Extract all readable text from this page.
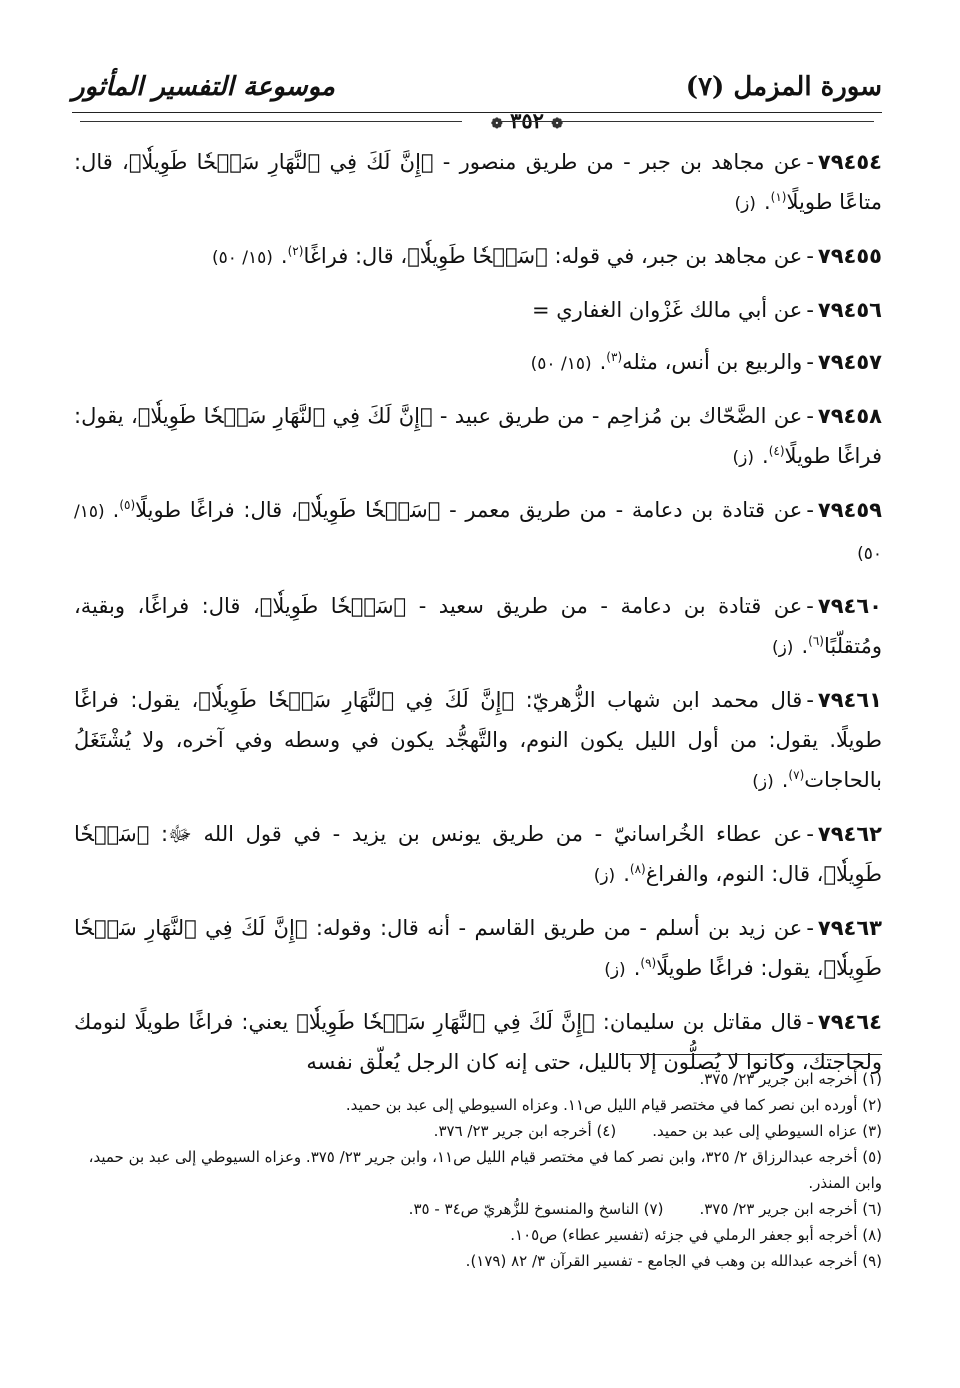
سورة المزمل (٧)
موسوعة التفسير المأثور
❁ ٣٥٢ ❁
٧٩٤٥٤-عن مجاهد بن جبر - من طريق منصور - ﴿إِنَّ لَكَ فِي ٱلنَّهَارِ سَبۡحٗا طَوِيلٗا﴾، قال: متاعًا طويلًا$^{(١)}$.(ز)
٧٩٤٥٥-عن مجاهد بن جبر، في قوله: ﴿سَبۡحٗا طَوِيلٗا﴾، قال: فراغًا$^{(٢)}$.(١٥/ ٥٠)
٧٩٤٥٦-عن أبي مالك غَزْوان الغفاري =
٧٩٤٥٧-والربيع بن أنس، مثله$^{(٣)}$.(١٥/ ٥٠)
٧٩٤٥٨-عن الضَّحّاك بن مُزاحِم - من طريق عبيد - ﴿إِنَّ لَكَ فِي ٱلنَّهَارِ سَبۡحٗا طَوِيلٗا﴾، يقول: فراغًا طويلًا$^{(٤)}$.(ز)
٧٩٤٥٩-عن قتادة بن دعامة - من طريق معمر - ﴿سَبۡحٗا طَوِيلٗا﴾، قال: فراغًا طويلًا$^{(٥)}$.(١٥/ ٥٠)
٧٩٤٦٠-عن قتادة بن دعامة - من طريق سعيد - ﴿سَبۡحٗا طَوِيلٗا﴾، قال: فراغًا، وبقية، ومُتقلّبًا$^{(٦)}$.(ز)
٧٩٤٦١-قال محمد ابن شهاب الزُّهريّ: ﴿إِنَّ لَكَ فِي ٱلنَّهَارِ سَبۡحٗا طَوِيلٗا﴾، يقول: فراغًا طويلًا. يقول: من أول الليل يكون النوم، والتَّهجُّد يكون في وسطه وفي آخره، ولا يُشْتَغَلُ بالحاجات$^{(٧)}$.(ز)
٧٩٤٦٢-عن عطاء الخُراسانيّ - من طريق يونس بن يزيد - في قول الله ﷻ: ﴿سَبۡحٗا طَوِيلٗا﴾، قال: النوم، والفراغ$^{(٨)}$.(ز)
٧٩٤٦٣-عن زيد بن أسلم - من طريق القاسم - أنه قال: وقوله: ﴿إِنَّ لَكَ فِي ٱلنَّهَارِ سَبۡحٗا طَوِيلٗا﴾، يقول: فراغًا طويلًا$^{(٩)}$.(ز)
٧٩٤٦٤-قال مقاتل بن سليمان: ﴿إِنَّ لَكَ فِي ٱلنَّهَارِ سَبۡحٗا طَوِيلٗا﴾ يعني: فراغًا طويلًا لنومك ولحاجتك، وكانوا لا يُصلُّون إلا بالليل، حتى إنه كان الرجل يُعلّق نفسه

(١) أخرجه ابن جرير ٢٣/ ٣٧٥.

(٢) أورده ابن نصر كما في مختصر قيام الليل ص١١. وعزاه السيوطي إلى عبد بن حميد.

(٣) عزاه السيوطي إلى عبد بن حميد.

(٤) أخرجه ابن جرير ٢٣/ ٣٧٦.

(٥) أخرجه عبدالرزاق ٢/ ٣٢٥، وابن نصر كما في مختصر قيام الليل ص١١، وابن جرير ٢٣/ ٣٧٥. وعزاه السيوطي إلى عبد بن حميد، وابن المنذر.

(٦) أخرجه ابن جرير ٢٣/ ٣٧٥.

(٧) الناسخ والمنسوخ للزُّهريّ ص٣٤ - ٣٥.

(٨) أخرجه أبو جعفر الرملي في جزئه (تفسير عطاء) ص١٠٥.

(٩) أخرجه عبدالله بن وهب في الجامع - تفسير القرآن ٣/ ٨٢ (١٧٩).
